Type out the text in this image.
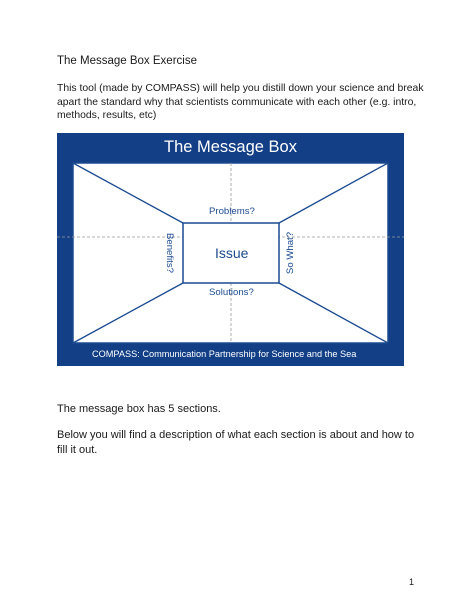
The Message Box Exercise
This tool (made by COMPASS) will help you distill down your science and break apart the standard why that scientists communicate with each other (e.g. intro, methods, results, etc)
The Message Box
Problems?
Issue
Solutions?
Benefits?	So What?
COMPASS: Communication Partnership for Science and the Sea
The message box has 5 sections.
Below you will find a description of what each section is about and how to fill it out.
1
